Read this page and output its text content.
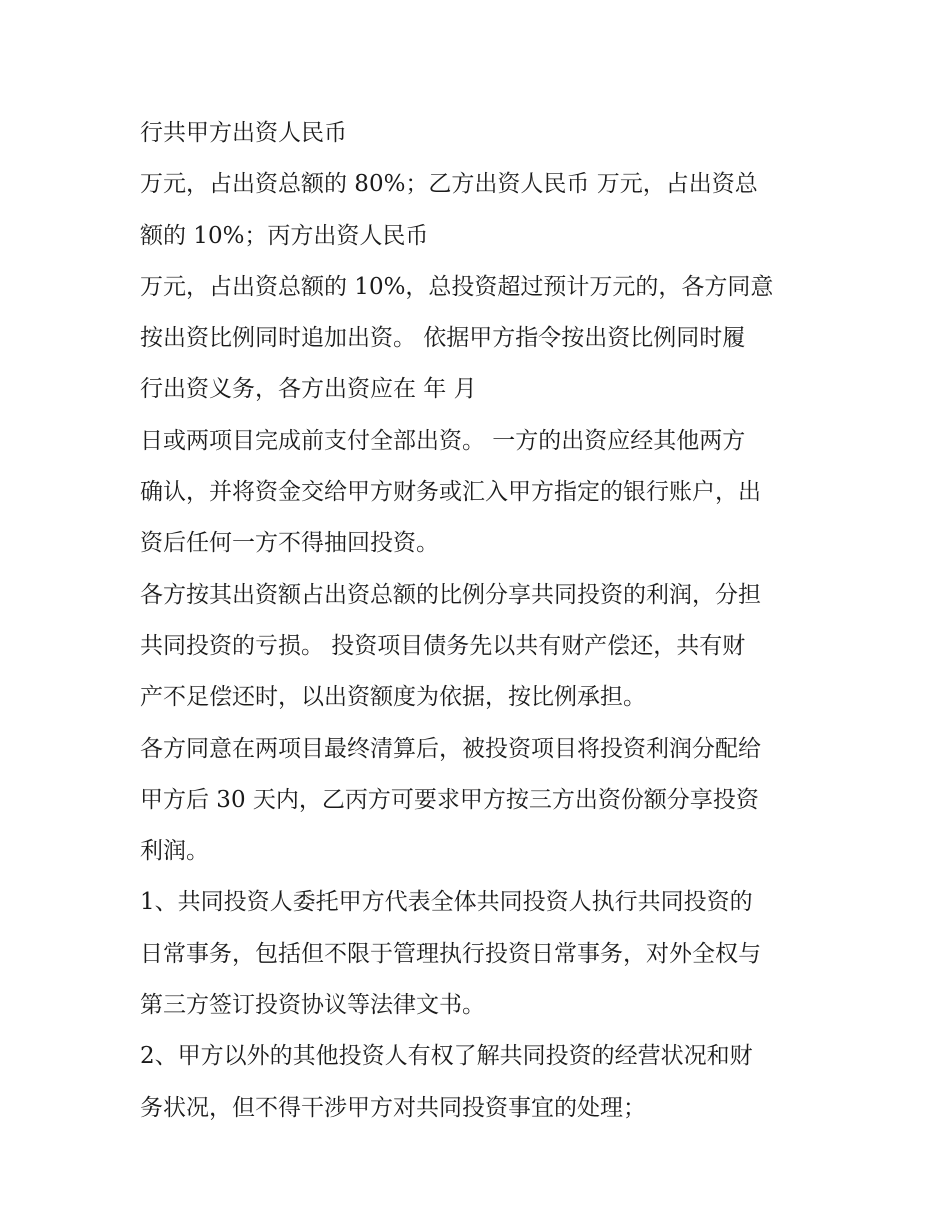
行共甲方出资人民币
万元，占出资总额的 80%；乙方出资人民币 万元，占出资总
额的 10%；丙方出资人民币
万元，占出资总额的 10%，总投资超过预计万元的，各方同意
按出资比例同时追加出资。 依据甲方指令按出资比例同时履
行出资义务，各方出资应在 年 月
日或两项目完成前支付全部出资。 一方的出资应经其他两方
确认，并将资金交给甲方财务或汇入甲方指定的银行账户，出
资后任何一方不得抽回投资。
各方按其出资额占出资总额的比例分享共同投资的利润，分担
共同投资的亏损。 投资项目债务先以共有财产偿还，共有财
产不足偿还时，以出资额度为依据，按比例承担。
各方同意在两项目最终清算后，被投资项目将投资利润分配给
甲方后 30 天内，乙丙方可要求甲方按三方出资份额分享投资
利润。
1、共同投资人委托甲方代表全体共同投资人执行共同投资的
日常事务，包括但不限于管理执行投资日常事务，对外全权与
第三方签订投资协议等法律文书。
2、甲方以外的其他投资人有权了解共同投资的经营状况和财
务状况，但不得干涉甲方对共同投资事宜的处理；
